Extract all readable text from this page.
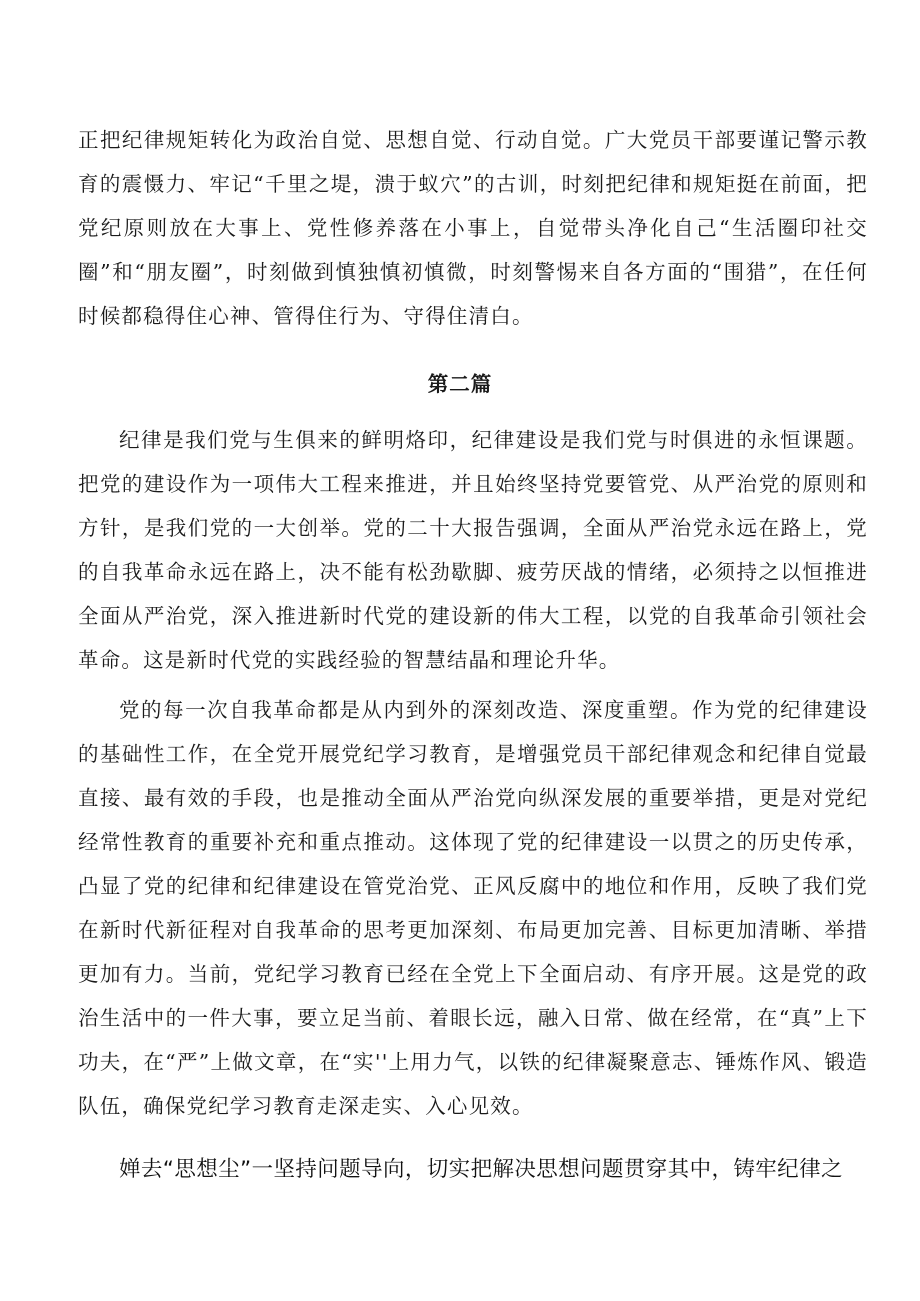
正把纪律规矩转化为政治自觉、思想自觉、行动自觉。广大党员干部要谨记警示教育的震慑力、牢记“千里之堤，溃于蚁穴”的古训，时刻把纪律和规矩挺在前面，把党纪原则放在大事上、党性修养落在小事上，自觉带头净化自己“生活圈印社交圈”和“朋友圈”，时刻做到慎独慎初慎微，时刻警惕来自各方面的“围猎”，在任何时候都稳得住心神、管得住行为、守得住清白。

第二篇

纪律是我们党与生俱来的鲜明烙印，纪律建设是我们党与时俱进的永恒课题。把党的建设作为一项伟大工程来推进，并且始终坚持党要管党、从严治党的原则和方针，是我们党的一大创举。党的二十大报告强调，全面从严治党永远在路上，党的自我革命永远在路上，决不能有松劲歇脚、疲劳厌战的情绪，必须持之以恒推进全面从严治党，深入推进新时代党的建设新的伟大工程，以党的自我革命引领社会革命。这是新时代党的实践经验的智慧结晶和理论升华。

党的每一次自我革命都是从内到外的深刻改造、深度重塑。作为党的纪律建设的基础性工作，在全党开展党纪学习教育，是增强党员干部纪律观念和纪律自觉最直接、最有效的手段，也是推动全面从严治党向纵深发展的重要举措，更是对党纪经常性教育的重要补充和重点推动。这体现了党的纪律建设一以贯之的历史传承，凸显了党的纪律和纪律建设在管党治党、正风反腐中的地位和作用，反映了我们党在新时代新征程对自我革命的思考更加深刻、布局更加完善、目标更加清晰、举措更加有力。当前，党纪学习教育已经在全党上下全面启动、有序开展。这是党的政治生活中的一件大事，要立足当前、着眼长远，融入日常、做在经常，在“真”上下功夫，在“严”上做文章，在“实''上用力气，以铁的纪律凝聚意志、锤炼作风、锻造队伍，确保党纪学习教育走深走实、入心见效。

婵去“思想尘”一坚持问题导向，切实把解决思想问题贯穿其中，铸牢纪律之
